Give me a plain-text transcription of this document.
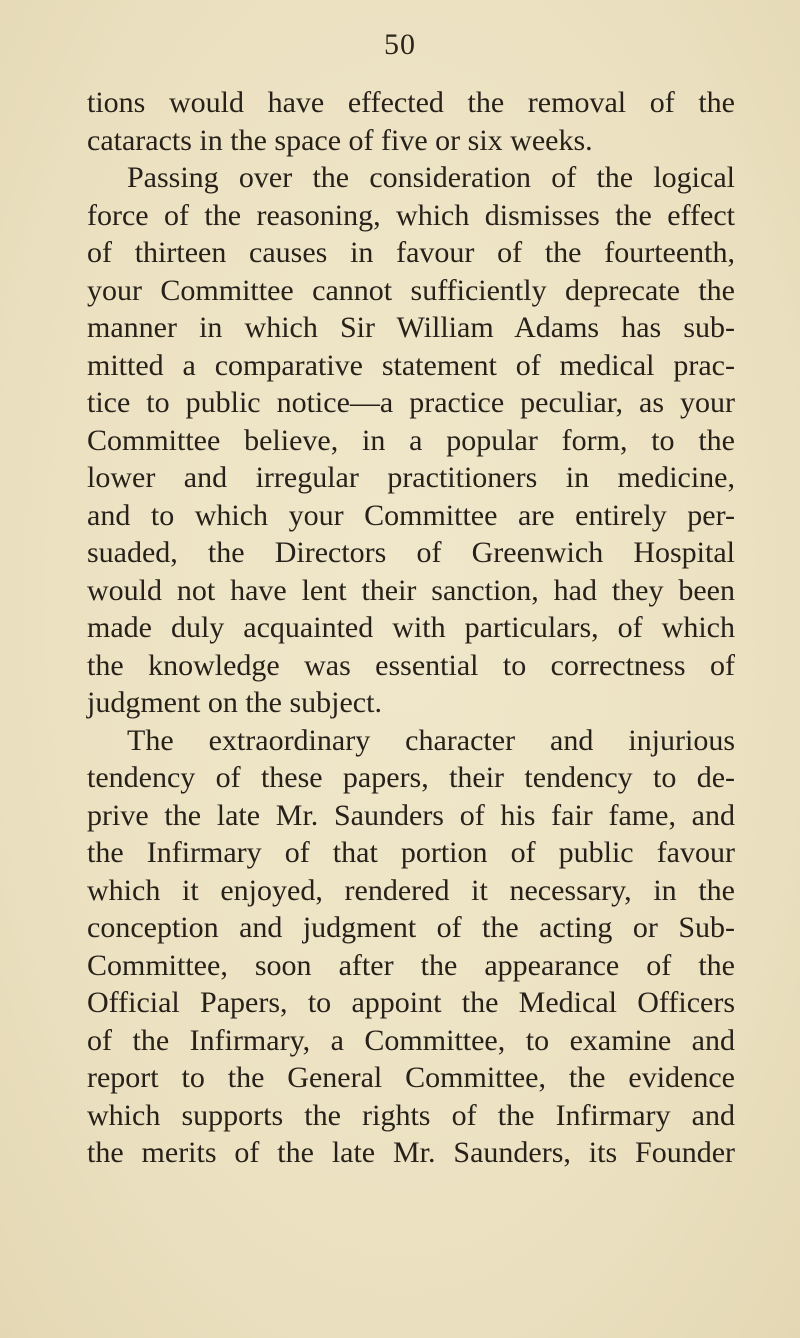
50
tions would have effected the removal of the
cataracts in the space of five or six weeks.
Passing over the consideration of the logical
force of the reasoning, which dismisses the effect
of thirteen causes in favour of the fourteenth,
your Committee cannot sufficiently deprecate the
manner in which Sir William Adams has sub-
mitted a comparative statement of medical prac-
tice to public notice—a practice peculiar, as your
Committee believe, in a popular form, to the
lower and irregular practitioners in medicine,
and to which your Committee are entirely per-
suaded, the Directors of Greenwich Hospital
would not have lent their sanction, had they been
made duly acquainted with particulars, of which
the knowledge was essential to correctness of
judgment on the subject.
The extraordinary character and injurious
tendency of these papers, their tendency to de-
prive the late Mr. Saunders of his fair fame, and
the Infirmary of that portion of public favour
which it enjoyed, rendered it necessary, in the
conception and judgment of the acting or Sub-
Committee, soon after the appearance of the
Official Papers, to appoint the Medical Officers
of the Infirmary, a Committee, to examine and
report to the General Committee, the evidence
which supports the rights of the Infirmary and
the merits of the late Mr. Saunders, its Founder
